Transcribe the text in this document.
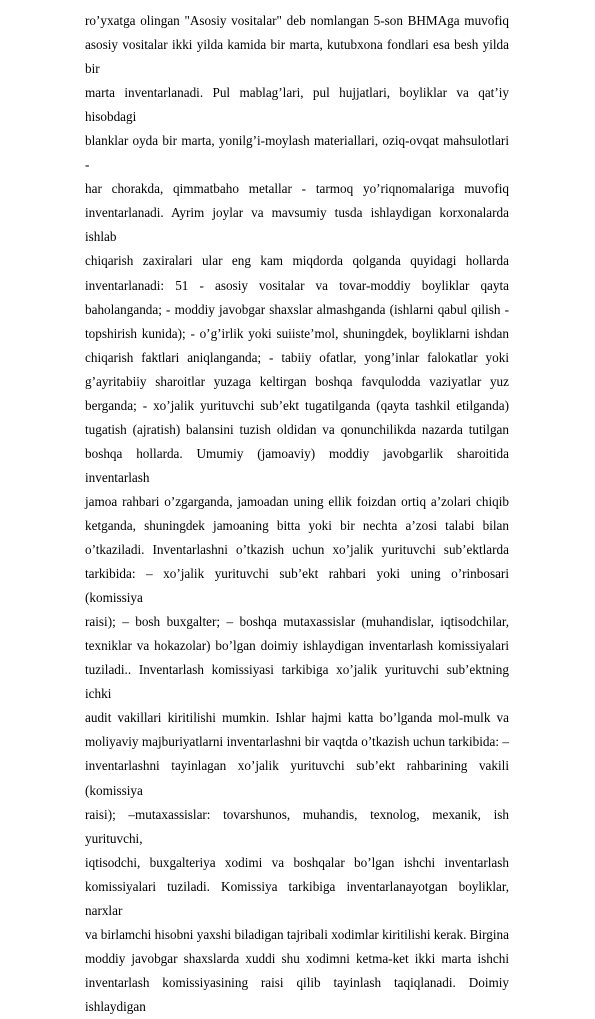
ro’yxatga olingan "Asosiy vositalar" deb nomlangan 5-son BHMAga muvofiq

asosiy vositalar ikki yilda kamida bir marta, kutubxona fondlari esa besh yilda bir

marta inventarlanadi. Pul mablag’lari, pul hujjatlari, boyliklar va qat’iy hisobdagi

blanklar oyda bir marta, yonilg’i-moylash materiallari, oziq-ovqat mahsulotlari -

har chorakda, qimmatbaho metallar - tarmoq yo’riqnomalariga muvofiq

inventarlanadi. Ayrim joylar va mavsumiy tusda ishlaydigan korxonalarda ishlab

chiqarish zaxiralari ular eng kam miqdorda qolganda quyidagi hollarda

inventarlanadi: 51 - asosiy vositalar va tovar-moddiy boyliklar qayta

baholanganda; - moddiy javobgar shaxslar almashganda (ishlarni qabul qilish -

topshirish kunida); - o’g’irlik yoki suiiste’mol, shuningdek, boyliklarni ishdan

chiqarish faktlari aniqlanganda; - tabiiy ofatlar, yong’inlar falokatlar yoki

g’ayritabiiy sharoitlar yuzaga keltirgan boshqa favqulodda vaziyatlar yuz

berganda; - xo’jalik yurituvchi sub’ekt tugatilganda (qayta tashkil etilganda)

tugatish (ajratish) balansini tuzish oldidan va qonunchilikda nazarda tutilgan

boshqa hollarda. Umumiy (jamoaviy) moddiy javobgarlik sharoitida inventarlash

jamoa rahbari o’zgarganda, jamoadan uning ellik foizdan ortiq a’zolari chiqib

ketganda, shuningdek jamoaning bitta yoki bir nechta a’zosi talabi bilan

o’tkaziladi. Inventarlashni o’tkazish uchun xo’jalik yurituvchi sub’ektlarda

tarkibida: – xo’jalik yurituvchi sub’ekt rahbari yoki uning o’rinbosari (komissiya

raisi); – bosh buxgalter; – boshqa mutaxassislar (muhandislar, iqtisodchilar,

texniklar va hokazolar) bo’lgan doimiy ishlaydigan inventarlash komissiyalari

tuziladi.. Inventarlash komissiyasi tarkibiga xo’jalik yurituvchi sub’ektning ichki

audit vakillari kiritilishi mumkin. Ishlar hajmi katta bo’lganda mol-mulk va

moliyaviy majburiyatlarni inventarlashni bir vaqtda o’tkazish uchun tarkibida: –

inventarlashni tayinlagan xo’jalik yurituvchi sub’ekt rahbarining vakili (komissiya

raisi); –mutaxassislar: tovarshunos, muhandis, texnolog, mexanik, ish yurituvchi,

iqtisodchi, buxgalteriya xodimi va boshqalar bo’lgan ishchi inventarlash

komissiyalari tuziladi. Komissiya tarkibiga inventarlanayotgan boyliklar, narxlar

va birlamchi hisobni yaxshi biladigan tajribali xodimlar kiritilishi kerak. Birgina

moddiy javobgar shaxslarda xuddi shu xodimni ketma-ket ikki marta ishchi

inventarlash komissiyasining raisi qilib tayinlash taqiqlanadi. Doimiy ishlaydigan
